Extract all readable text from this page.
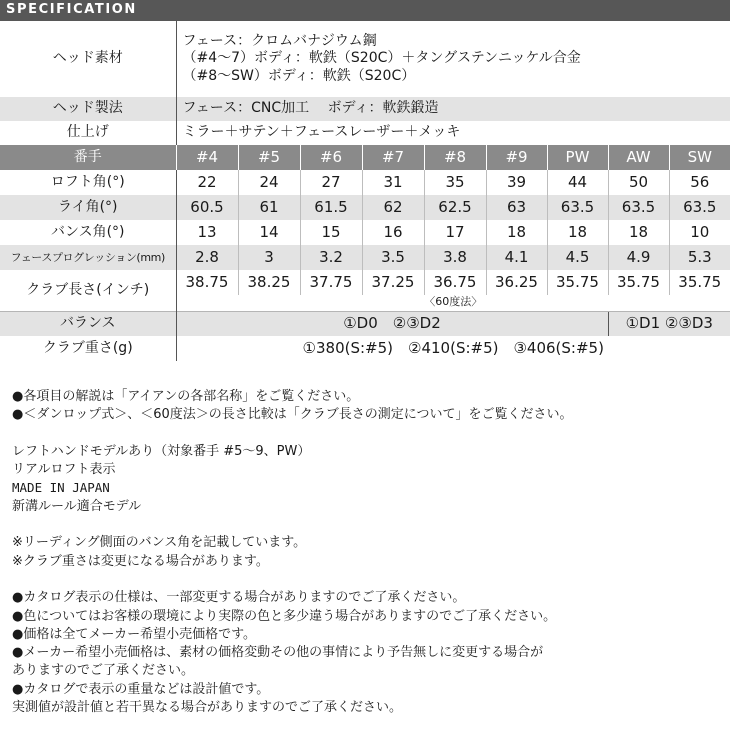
SPECIFICATION
ヘッド素材	フェース：クロムバナジウム鋼
（#4〜7）ボディ：軟鉄（S20C）＋タングステンニッケル合金
（#8〜SW）ボディ：軟鉄（S20C）								

ヘッド製法	フェース：CNC加工　 ボディ：軟鉄鍛造								
仕上げ	ミラー＋サテン＋フェースレーザー＋メッキ								
番手	#4	#5	#6	#7	#8	#9	PW	AW	SW
ロフト角(°)	22	24	27	31	35	39	44	50	56
ライ角(°)	60.5	61	61.5	62	62.5	63	63.5	63.5	63.5
バンス角(°)	13	14	15	16	17	18	18	18	10
フェースプログレッション(mm)	2.8	3	3.2	3.5	3.8	4.1	4.5	4.9	5.3
クラブ長さ(インチ)	38.75	38.25	37.75	37.25	36.75	36.25	35.75	35.75	35.75
	〈60度法〉								
バランス	①D0　②③D2							①D1 ②③D3	
クラブ重さ(g)	①380(S:#5)　②410(S:#5)　③406(S:#5)								
●各項目の解説は「アイアンの各部名称」をご覧ください。
●＜ダンロップ式＞、＜60度法＞の長さ比較は「クラブ長さの測定について」をご覧ください。
レフトハンドモデルあり（対象番手 #5〜9、PW）
リアルロフト表示
MADE IN JAPAN
新溝ルール適合モデル
※リーディング側面のバンス角を記載しています。
※クラブ重さは変更になる場合があります。
●カタログ表示の仕様は、一部変更する場合がありますのでご了承ください。
●色についてはお客様の環境により実際の色と多少違う場合がありますのでご了承ください。
●価格は全てメーカー希望小売価格です。
●メーカー希望小売価格は、素材の価格変動その他の事情により予告無しに変更する場合が
ありますのでご了承ください。
●カタログで表示の重量などは設計値です。
実測値が設計値と若干異なる場合がありますのでご了承ください。
